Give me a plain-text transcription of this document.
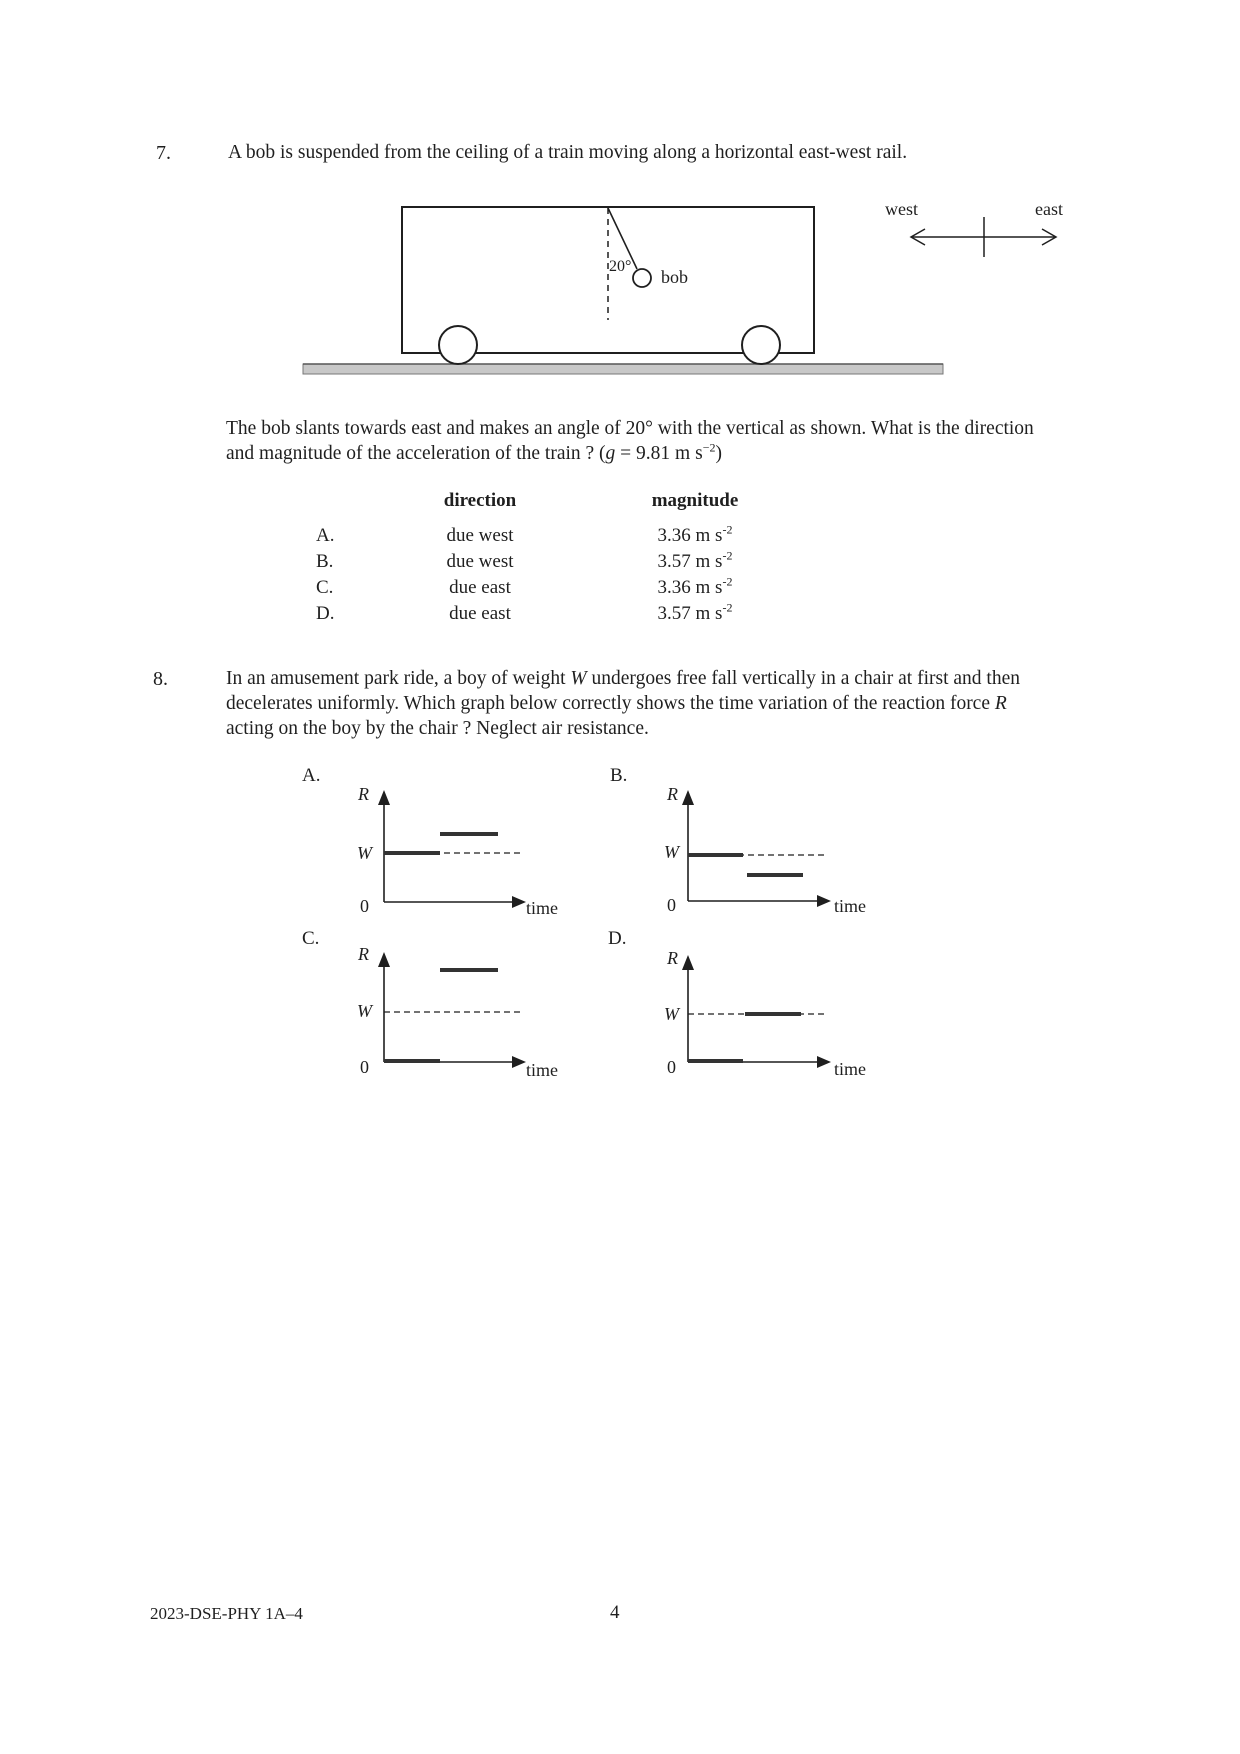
7.	A bob is suspended from the ceiling of a train moving along a horizontal east-west rail.
20°
bob
west	east
The bob slants towards east and makes an angle of 20° with the vertical as shown. What is the direction
and magnitude of the acceleration of the train ? (g = 9.81 m $s^{-2}$)
direction	magnitude
A.	due west	3.36 m $s^{-2}$
B.	due west	3.57 m $s^{-2}$
C.	due east	3.36 m $s^{-2}$
D.	due east	3.57 m $s^{-2}$
8.	In an amusement park ride, a boy of weight W undergoes free fall vertically in a chair at first and then
decelerates uniformly. Which graph below correctly shows the time variation of the reaction force R
acting on the boy by the chair ? Neglect air resistance.
A.
R
time
0
W
B.
R
time
0
W
C.
R
time
0
W
D.
R
time
0
W
2023-DSE-PHY 1A–4	4
